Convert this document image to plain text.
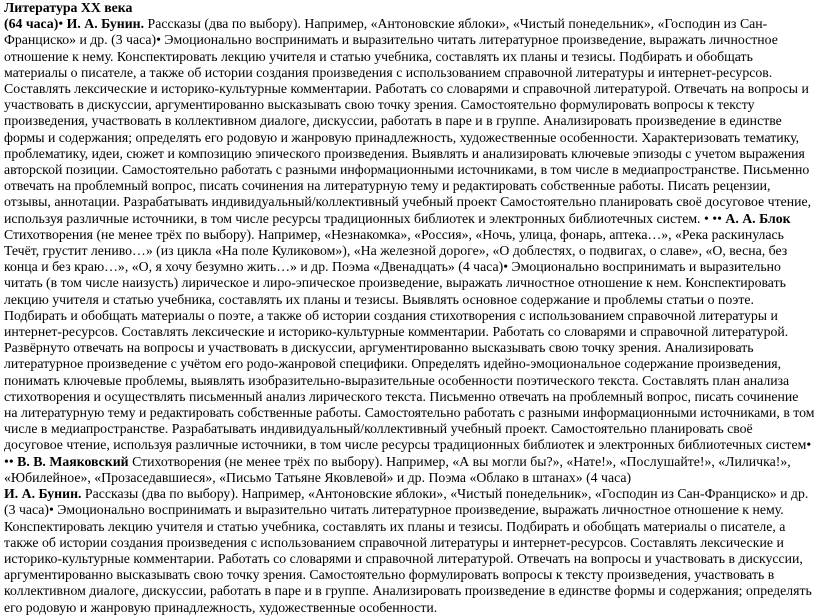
Литература XX века

(64 часа)• И. А. Бунин. Рассказы (два по выбору). Например, «Антоновские яблоки», «Чистый понедельник», «Господин из Сан-Франциско» и др. (3 часа)• Эмоционально воспринимать и выразительно читать литературное произведение, выражать личностное отношение к нему. Конспектировать лекцию учителя и статью учебника, составлять их планы и тезисы. Подбирать и обобщать материалы о писателе, а также об истории создания произведения с использованием справочной литературы и интернет-ресурсов. Составлять лексические и историко-культурные комментарии. Работать со словарями и справочной литературой. Отвечать на вопросы и участвовать в дискуссии, аргументированно высказывать свою точку зрения. Самостоятельно формулировать вопросы к тексту произведения, участвовать в коллективном диалоге, дискуссии, работать в паре и в группе. Анализировать произведение в единстве формы и содержания; определять его родовую и жанровую принадлежность, художественные особенности. Характеризовать тематику, проблематику, идеи, сюжет и композицию эпического произведения. Выявлять и анализировать ключевые эпизоды с учетом выражения авторской позиции. Самостоятельно работать с разными информационными источниками, в том числе в медиапространстве. Письменно отвечать на проблемный вопрос, писать сочинения на литературную тему и редактировать собственные работы. Писать рецензии, отзывы, аннотации. Разрабатывать индивидуальный/коллективный учебный проект Самостоятельно планировать своё досуговое чтение, используя различные источники, в том числе ресурсы традиционных библиотек и электронных библиотечных систем. • •• А. А. Блок Стихотворения (не менее трёх по выбору). Например, «Незнакомка», «Россия», «Ночь, улица, фонарь, аптека…», «Река раскинулась Течёт, грустит лениво…» (из цикла «На поле Куликовом»), «На железной дороге», «О доблестях, о подвигах, о славе», «О, весна, без конца и без краю…», «О, я хочу безумно жить…» и др. Поэма «Двенадцать» (4 часа)• Эмоционально воспринимать и выразительно читать (в том числе наизусть) лирическое и лиро-эпическое произведение, выражать личностное отношение к нем. Конспектировать лекцию учителя и статью учебника, составлять их планы и тезисы. Выявлять основное содержание и проблемы статьи о поэте. Подбирать и обобщать материалы о поэте, а также об истории создания стихотворения с использованием справочной литературы и интернет-ресурсов. Составлять лексические и историко-культурные комментарии. Работать со словарями и справочной литературой. Развёрнуто отвечать на вопросы и участвовать в дискуссии, аргументированно высказывать свою точку зрения. Анализировать литературное произведение с учётом его родо-жанровой специфики. Определять идейно-эмоциональное содержание произведения, понимать ключевые проблемы, выявлять изобразительно-выразительные особенности поэтического текста. Составлять план анализа стихотворения и осуществлять письменный анализ лирического текста. Письменно отвечать на проблемный вопрос, писать сочинение на литературную тему и редактировать собственные работы. Самостоятельно работать с разными информационными источниками, в том числе в медиапространстве. Разрабатывать индивидуальный/коллективный учебный проект. Самостоятельно планировать своё досуговое чтение, используя различные источники, в том числе ресурсы традиционных библиотек и электронных библиотечных систем• •• В. В. Маяковский Стихотворения (не менее трёх по выбору). Например, «А вы могли бы?», «Нате!», «Послушайте!», «Лиличка!», «Юбилейное», «Прозаседавшиеся», «Письмо Татьяне Яковлевой» и др. Поэма «Облако в штанах» (4 часа)

И. А. Бунин. Рассказы (два по выбору). Например, «Антоновские яблоки», «Чистый понедельник», «Господин из Сан-Франциско» и др. (3 часа)• Эмоционально воспринимать и выразительно читать литературное произведение, выражать личностное отношение к нему. Конспектировать лекцию учителя и статью учебника, составлять их планы и тезисы. Подбирать и обобщать материалы о писателе, а также об истории создания произведения с использованием справочной литературы и интернет-ресурсов. Составлять лексические и историко-культурные комментарии. Работать со словарями и справочной литературой. Отвечать на вопросы и участвовать в дискуссии, аргументированно высказывать свою точку зрения. Самостоятельно формулировать вопросы к тексту произведения, участвовать в коллективном диалоге, дискуссии, работать в паре и в группе. Анализировать произведение в единстве формы и содержания; определять его родовую и жанровую принадлежность, художественные особенности.
